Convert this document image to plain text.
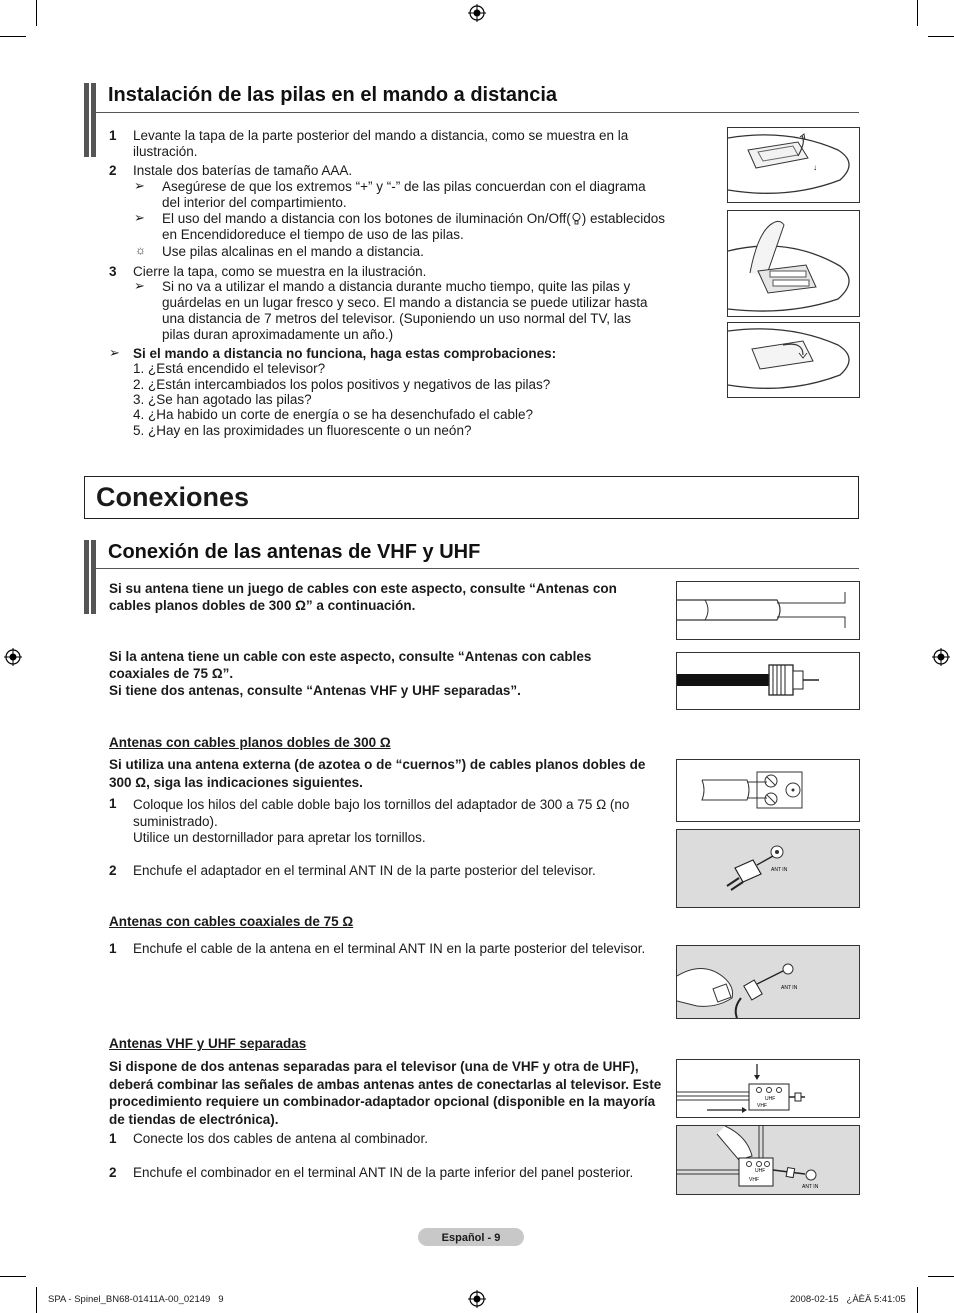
Instalación de las pilas en el mando a distancia
1 Levante la tapa de la parte posterior del mando a distancia, como se muestra en la ilustración.
2 Instale dos baterías de tamaño AAA.
➢ Asegúrese de que los extremos “+” y “-” de las pilas concuerdan con el diagrama del interior del compartimiento.
➢ El uso del mando a distancia con los botones de iluminación On/Off( ) establecidos en Encendidoreduce el tiempo de uso de las pilas.
☼ Use pilas alcalinas en el mando a distancia.
3 Cierre la tapa, como se muestra en la ilustración.
➢ Si no va a utilizar el mando a distancia durante mucho tiempo, quite las pilas y guárdelas en un lugar fresco y seco. El mando a distancia se puede utilizar hasta una distancia de 7 metros del televisor. (Suponiendo un uso normal del TV, las pilas duran aproximadamente un año.)
➢ Si el mando a distancia no funciona, haga estas comprobaciones:
1. ¿Está encendido el televisor?
2. ¿Están intercambiados los polos positivos y negativos de las pilas?
3. ¿Se han agotado las pilas?
4. ¿Ha habido un corte de energía o se ha desenchufado el cable?
5. ¿Hay en las proximidades un fluorescente o un neón?
↓
Conexiones
Conexión de las antenas de VHF y UHF
Si su antena tiene un juego de cables con este aspecto, consulte “Antenas con cables planos dobles de 300 Ω” a continuación.
Si la antena tiene un cable con este aspecto, consulte “Antenas con cables coaxiales de 75 Ω”.
Si tiene dos antenas, consulte “Antenas VHF y UHF separadas”.
Antenas con cables planos dobles de 300 Ω
Si utiliza una antena externa (de azotea o de “cuernos”) de cables planos dobles de 300 Ω, siga las indicaciones siguientes.
1 Coloque los hilos del cable doble bajo los tornillos del adaptador de 300 a 75 Ω (no suministrado).
Utilice un destornillador para apretar los tornillos.
2 Enchufe el adaptador en el terminal ANT IN de la parte posterior del televisor.	ANT IN
Antenas con cables coaxiales de 75 Ω
1 Enchufe el cable de la antena en el terminal ANT IN en la parte posterior del televisor.
ANT IN
Antenas VHF y UHF separadas
Si dispone de dos antenas separadas para el televisor (una de VHF y otra de UHF), deberá combinar las señales de ambas antenas antes de conectarlas al televisor. Este procedimiento requiere un combinador-adaptador opcional (disponible en la mayoría de tiendas de electrónica).
1 Conecte los dos cables de antena al combinador.
2 Enchufe el combinador en el terminal ANT IN de la parte inferior del panel posterior.
UHF
VHF
UHF
VHF
ANT IN
Español - 9
SPA - Spinel_BN68-01411A-00_02149   9	2008-02-15   ¿ÀÈÄ 5:41:05
